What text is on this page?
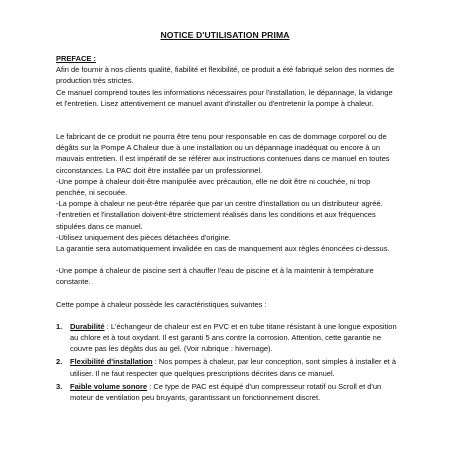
NOTICE D'UTILISATION PRIMA

PREFACE :

Afin de fournir à nos clients qualité, fiabilité et flexibilité, ce produit a été fabriqué selon des normes de production très strictes.

Ce manuel comprend toutes les informations nécessaires pour l'installation, le dépannage, la vidange et l'entretien. Lisez attentivement ce manuel avant d'installer ou d'entretenir la pompe à chaleur.

Le fabricant de ce produit ne pourra être tenu pour responsable en cas de dommage corporel ou de dégâts sur la Pompe A Chaleur due à une installation ou un dépannage inadéquat ou encore à un mauvais entretien. Il est impératif de se référer aux instructions contenues dans ce manuel en toutes circonstances. La PAC doit être installée par un professionnel.

-Une pompe à chaleur doit-être manipulée avec précaution, elle ne doit être ni couchée, ni trop penchée, ni secouée.

-La pompe à chaleur ne peut-être réparée que par un centre d'installation ou un distributeur agréé.

-l'entretien et l'installation doivent-être strictement réalisés dans les conditions et aux fréquences stipulées dans ce manuel.

-Utilisez uniquement des pièces détachées d'origine.

La garantie sera automatiquement invalidée en cas de manquement aux règles énoncées ci-dessus.

-Une pompe à chaleur de piscine sert à chauffer l'eau de piscine et à la maintenir à température constante.

Cette pompe à chaleur possède les caractéristiques suivantes :

1. Durabilité : L'échangeur de chaleur est en PVC et en tube titane résistant à une longue exposition au chlore et à tout oxydant. Il est garanti 5 ans contre la corrosion. Attention, cette garantie ne couvre pas les dégâts dus au gel. (Voir rubrique : hivernage).
2. Flexibilité d'installation : Nos pompes à chaleur, par leur conception, sont simples à installer et à utiliser. Il ne faut respecter que quelques prescriptions décrites dans ce manuel.
3. Faible volume sonore : Ce type de PAC est équipé d'un compresseur rotatif ou Scroll et d'un moteur de ventilation peu bruyants, garantissant un fonctionnement discret.
